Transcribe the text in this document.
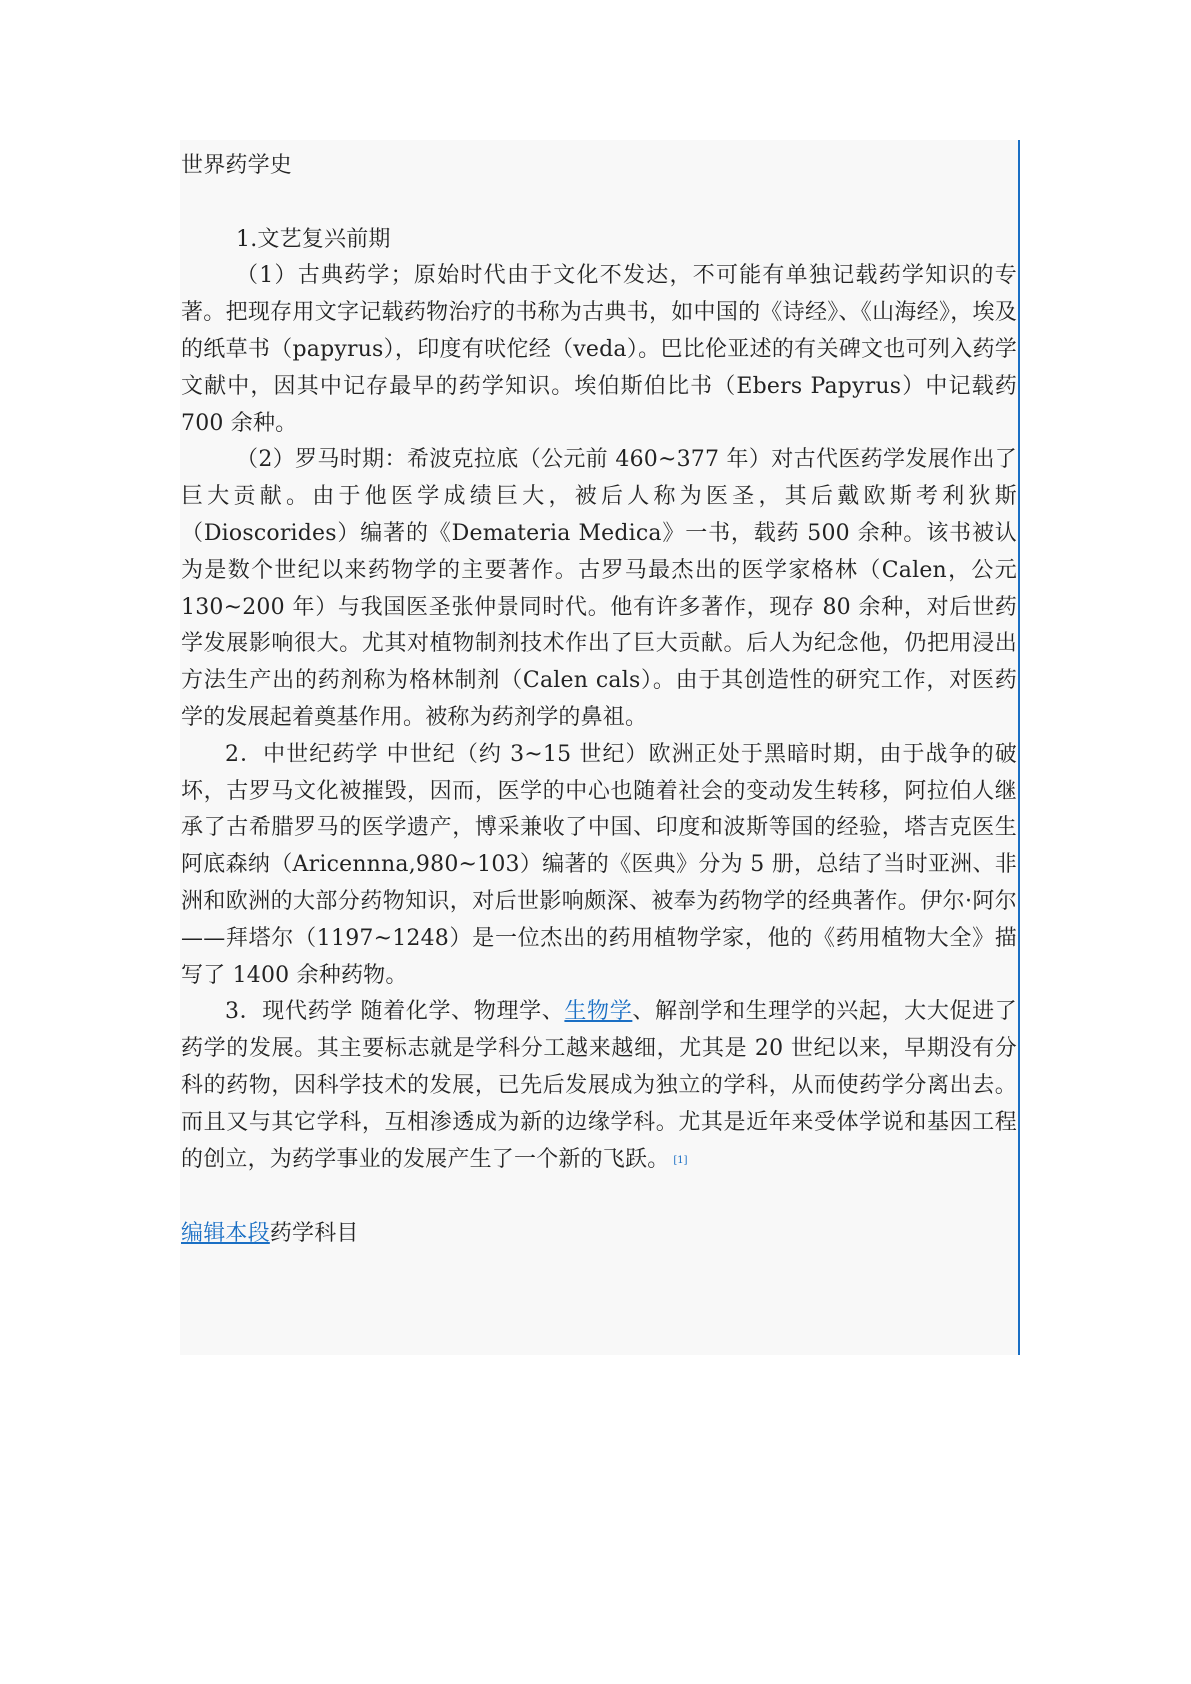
世界药学史

1.文艺复兴前期

（1）古典药学；原始时代由于文化不发达，不可能有单独记载药学知识的专著。把现存用文字记载药物治疗的书称为古典书，如中国的《诗经》、《山海经》，埃及的纸草书（papyrus），印度有吠佗经（veda）。巴比伦亚述的有关碑文也可列入药学文献中，因其中记存最早的药学知识。埃伯斯伯比书（Ebers Papyrus）中记载药 700 余种。

（2）罗马时期：希波克拉底（公元前 460~377 年）对古代医药学发展作出了巨大贡献。由于他医学成绩巨大，被后人称为医圣，其后戴欧斯考利狄斯（Dioscorides）编著的《Demateria Medica》一书，载药 500 余种。该书被认为是数个世纪以来药物学的主要著作。古罗马最杰出的医学家格林（Calen，公元 130~200 年）与我国医圣张仲景同时代。他有许多著作，现存 80 余种，对后世药学发展影响很大。尤其对植物制剂技术作出了巨大贡献。后人为纪念他，仍把用浸出方法生产出的药剂称为格林制剂（Calen cals）。由于其创造性的研究工作，对医药学的发展起着奠基作用。被称为药剂学的鼻祖。

2．中世纪药学 中世纪（约 3~15 世纪）欧洲正处于黑暗时期，由于战争的破坏，古罗马文化被摧毁，因而，医学的中心也随着社会的变动发生转移，阿拉伯人继承了古希腊罗马的医学遗产，博采兼收了中国、印度和波斯等国的经验，塔吉克医生阿底森纳（Aricennna,980~103）编著的《医典》分为 5 册，总结了当时亚洲、非洲和欧洲的大部分药物知识，对后世影响颇深、被奉为药物学的经典著作。伊尔·阿尔——拜塔尔（1197~1248）是一位杰出的药用植物学家，他的《药用植物大全》描写了 1400 余种药物。

3．现代药学 随着化学、物理学、生物学、解剖学和生理学的兴起，大大促进了药学的发展。其主要标志就是学科分工越来越细，尤其是 20 世纪以来，早期没有分科的药物，因科学技术的发展，已先后发展成为独立的学科，从而使药学分离出去。而且又与其它学科，互相渗透成为新的边缘学科。尤其是近年来受体学说和基因工程的创立，为药学事业的发展产生了一个新的飞跃。 [1]

编辑本段药学科目
